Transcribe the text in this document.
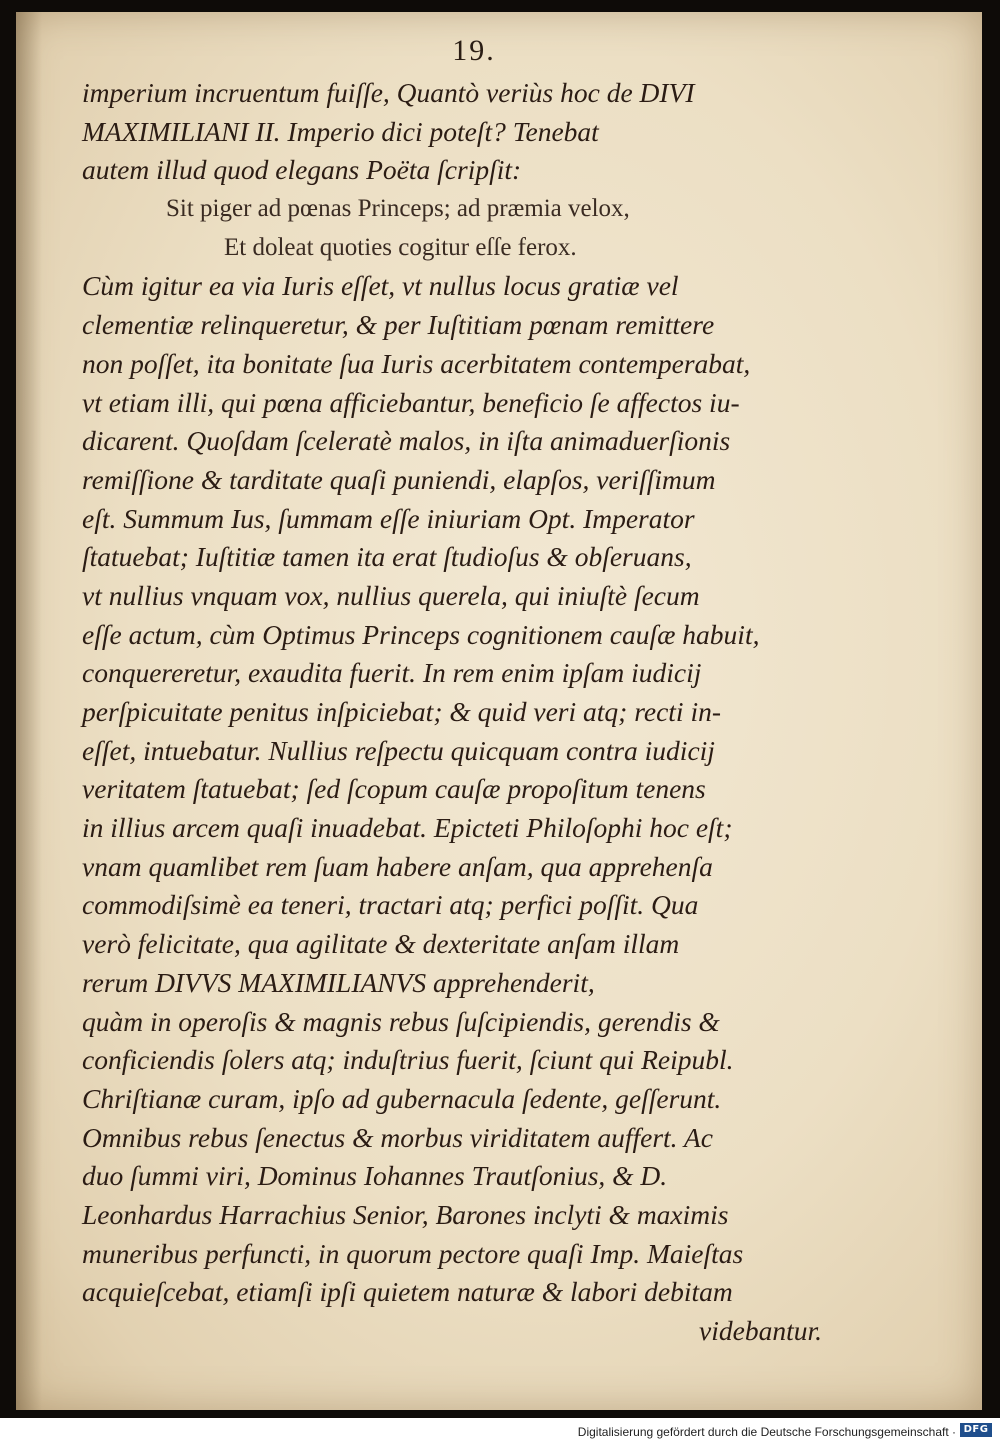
19.
imperium incruentum fuiſſe, Quantò veriùs hoc de DIVI
MAXIMILIANI II. Imperio dici poteſt? Tenebat
autem illud quod elegans Poëta ſcripſit:
Sit piger ad pœnas Princeps; ad præmia velox,
Et doleat quoties cogitur eſſe ferox.
Cùm igitur ea via Iuris eſſet, vt nullus locus gratiæ vel
clementiæ relinqueretur, & per Iuſtitiam pœnam remittere
non poſſet, ita bonitate ſua Iuris acerbitatem contemperabat,
vt etiam illi, qui pœna afficiebantur, beneficio ſe affectos iu-
dicarent. Quoſdam ſceleratè malos, in iſta animaduerſionis
remiſſione & tarditate quaſi puniendi, elapſos, veriſſimum
eſt. Summum Ius, ſummam eſſe iniuriam Opt. Imperator
ſtatuebat; Iuſtitiæ tamen ita erat ſtudioſus & obſeruans,
vt nullius vnquam vox, nullius querela, qui iniuſtè ſecum
eſſe actum, cùm Optimus Princeps cognitionem cauſæ habuit,
conquereretur, exaudita fuerit. In rem enim ipſam iudicij
perſpicuitate penitus inſpiciebat; & quid veri atq; recti in-
eſſet, intuebatur. Nullius reſpectu quicquam contra iudicij
veritatem ſtatuebat; ſed ſcopum cauſæ propoſitum tenens
in illius arcem quaſi inuadebat. Epicteti Philoſophi hoc eſt;
vnam quamlibet rem ſuam habere anſam, qua apprehenſa
commodiſsimè ea teneri, tractari atq; perfici poſſit. Qua
verò felicitate, qua agilitate & dexteritate anſam illam
rerum DIVVS MAXIMILIANVS apprehenderit,
quàm in operoſis & magnis rebus ſuſcipiendis, gerendis &
conficiendis ſolers atq; induſtrius fuerit, ſciunt qui Reipubl.
Chriſtianæ curam, ipſo ad gubernacula ſedente, geſſerunt.
Omnibus rebus ſenectus & morbus viriditatem auffert. Ac
duo ſummi viri, Dominus Iohannes Trautſonius, & D.
Leonhardus Harrachius Senior, Barones inclyti & maximis
muneribus perfuncti, in quorum pectore quaſi Imp. Maieſtas
acquieſcebat, etiamſi ipſi quietem naturæ & labori debitam
videbantur.
Digitalisierung gefördert durch die Deutsche Forschungsgemeinschaft · DFG
